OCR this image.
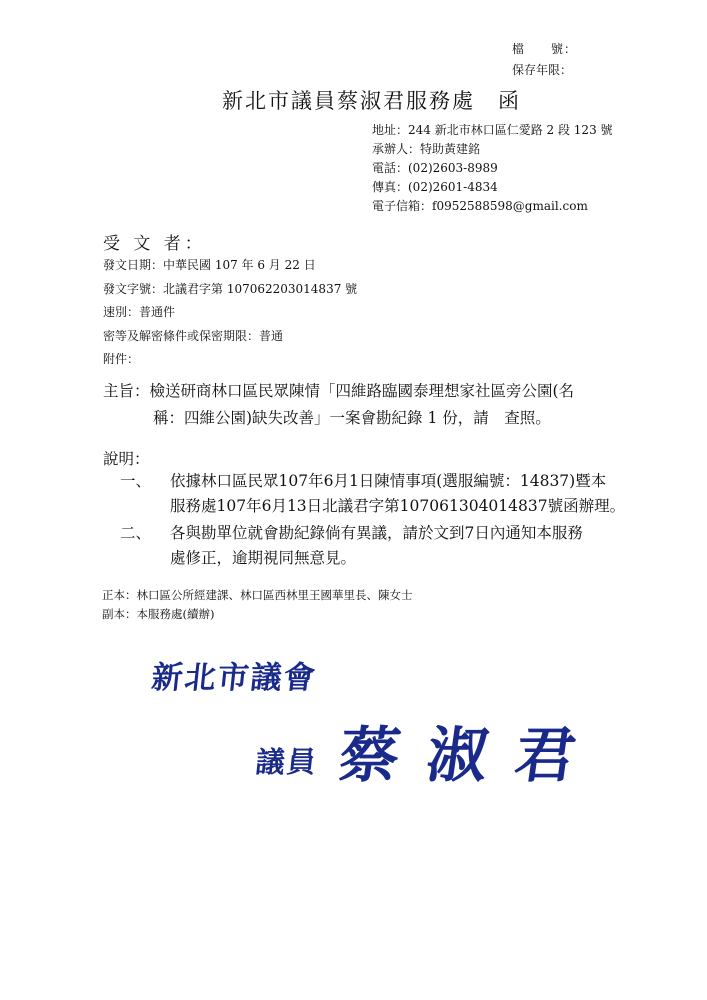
檔　　號：
保存年限：
新北市議員蔡淑君服務處　函
地址：244 新北市林口區仁愛路 2 段 123 號
承辦人：特助黃建銘
電話：(02)2603-8989
傳真：(02)2601-4834
電子信箱：f0952588598@gmail.com
受 文 者：
發文日期：中華民國 107 年 6 月 22 日
發文字號：北議君字第 107062203014837 號
速別：普通件
密等及解密條件或保密期限：普通
附件：
主旨：檢送研商林口區民眾陳情「四維路臨國泰理想家社區旁公園(名
稱：四維公園)缺失改善」一案會勘紀錄 1 份，請　查照。
說明：
一、 依據林口區民眾107年6月1日陳情事項(選服編號：14837)暨本
服務處107年6月13日北議君字第107061304014837號函辦理。
二、 各與勘單位就會勘紀錄倘有異議，請於文到7日內通知本服務
處修正，逾期視同無意見。
正本：林口區公所經建課、林口區西林里王國華里長、陳女士
副本：本服務處(續辦)
新北市議會
議員 蔡淑君
